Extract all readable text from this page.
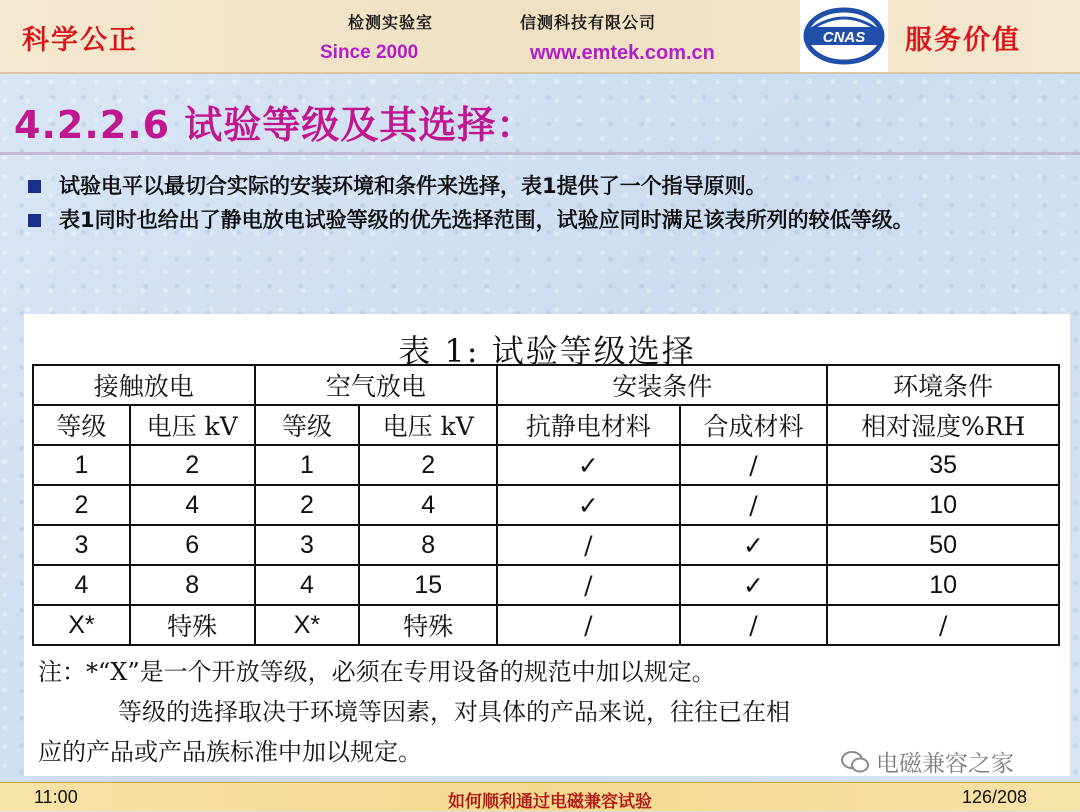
科学公正
检测实验室	信测科技有限公司
Since 2000	www.emtek.com.cn
CNAS 服务价值
4.2.2.6 试验等级及其选择：
试验电平以最切合实际的安装环境和条件来选择，表1提供了一个指导原则。
表1同时也给出了静电放电试验等级的优先选择范围，试验应同时满足该表所列的较低等级。
表 1: 试验等级选择
接触放电		空气放电		安装条件		环境条件
等级	电压 kV	等级	电压 kV	抗静电材料	合成材料	相对湿度%RH
1	2	1	2	✓	/	35
2	4	2	4	✓	/	10
3	6	3	8	/	✓	50
4	8	4	15	/	✓	10
X*	特殊	X*	特殊	/	/	/
注：*“X”是一个开放等级，必须在专用设备的规范中加以规定。
等级的选择取决于环境等因素，对具体的产品来说，往往已在相
应的产品或产品族标准中加以规定。	电磁兼容之家
11:00	如何顺利通过电磁兼容试验	126/208
